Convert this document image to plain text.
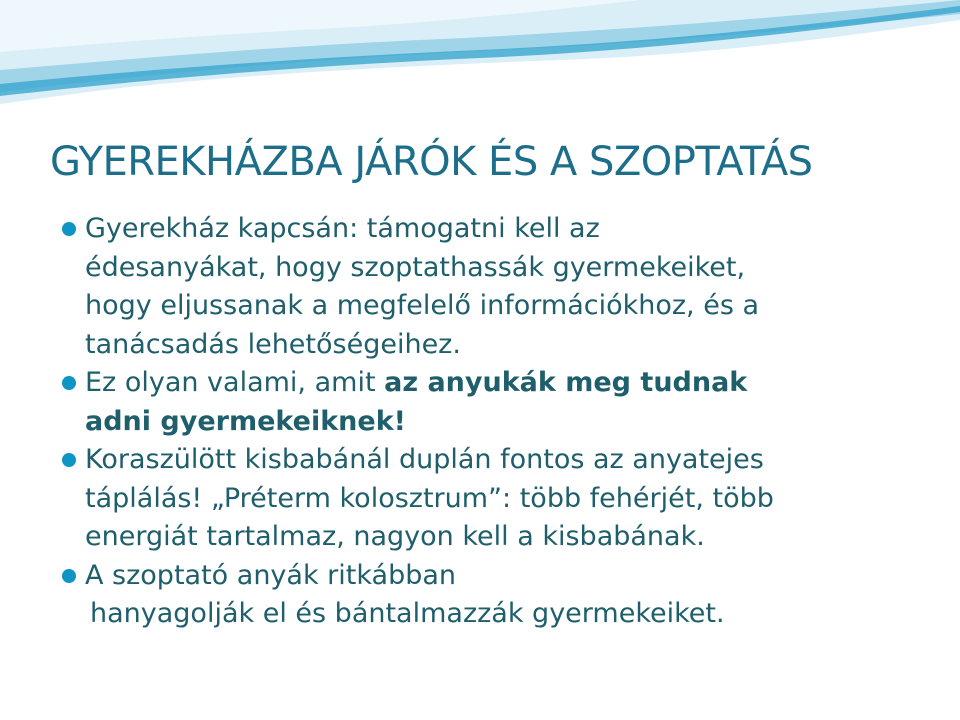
GYEREKHÁZBA JÁRÓK ÉS A SZOPTATÁS
Gyerekház kapcsán: támogatni kell az
édesanyákat, hogy szoptathassák gyermekeiket,
hogy eljussanak a megfelelő információkhoz, és a
tanácsadás lehetőségeihez.
Ez olyan valami, amit az anyukák meg tudnak
adni gyermekeiknek!
Koraszülött kisbabánál duplán fontos az anyatejes
táplálás! „Préterm kolosztrum”: több fehérjét, több
energiát tartalmaz, nagyon kell a kisbabának.
A szoptató anyák ritkábban
hanyagolják el és bántalmazzák gyermekeiket.
